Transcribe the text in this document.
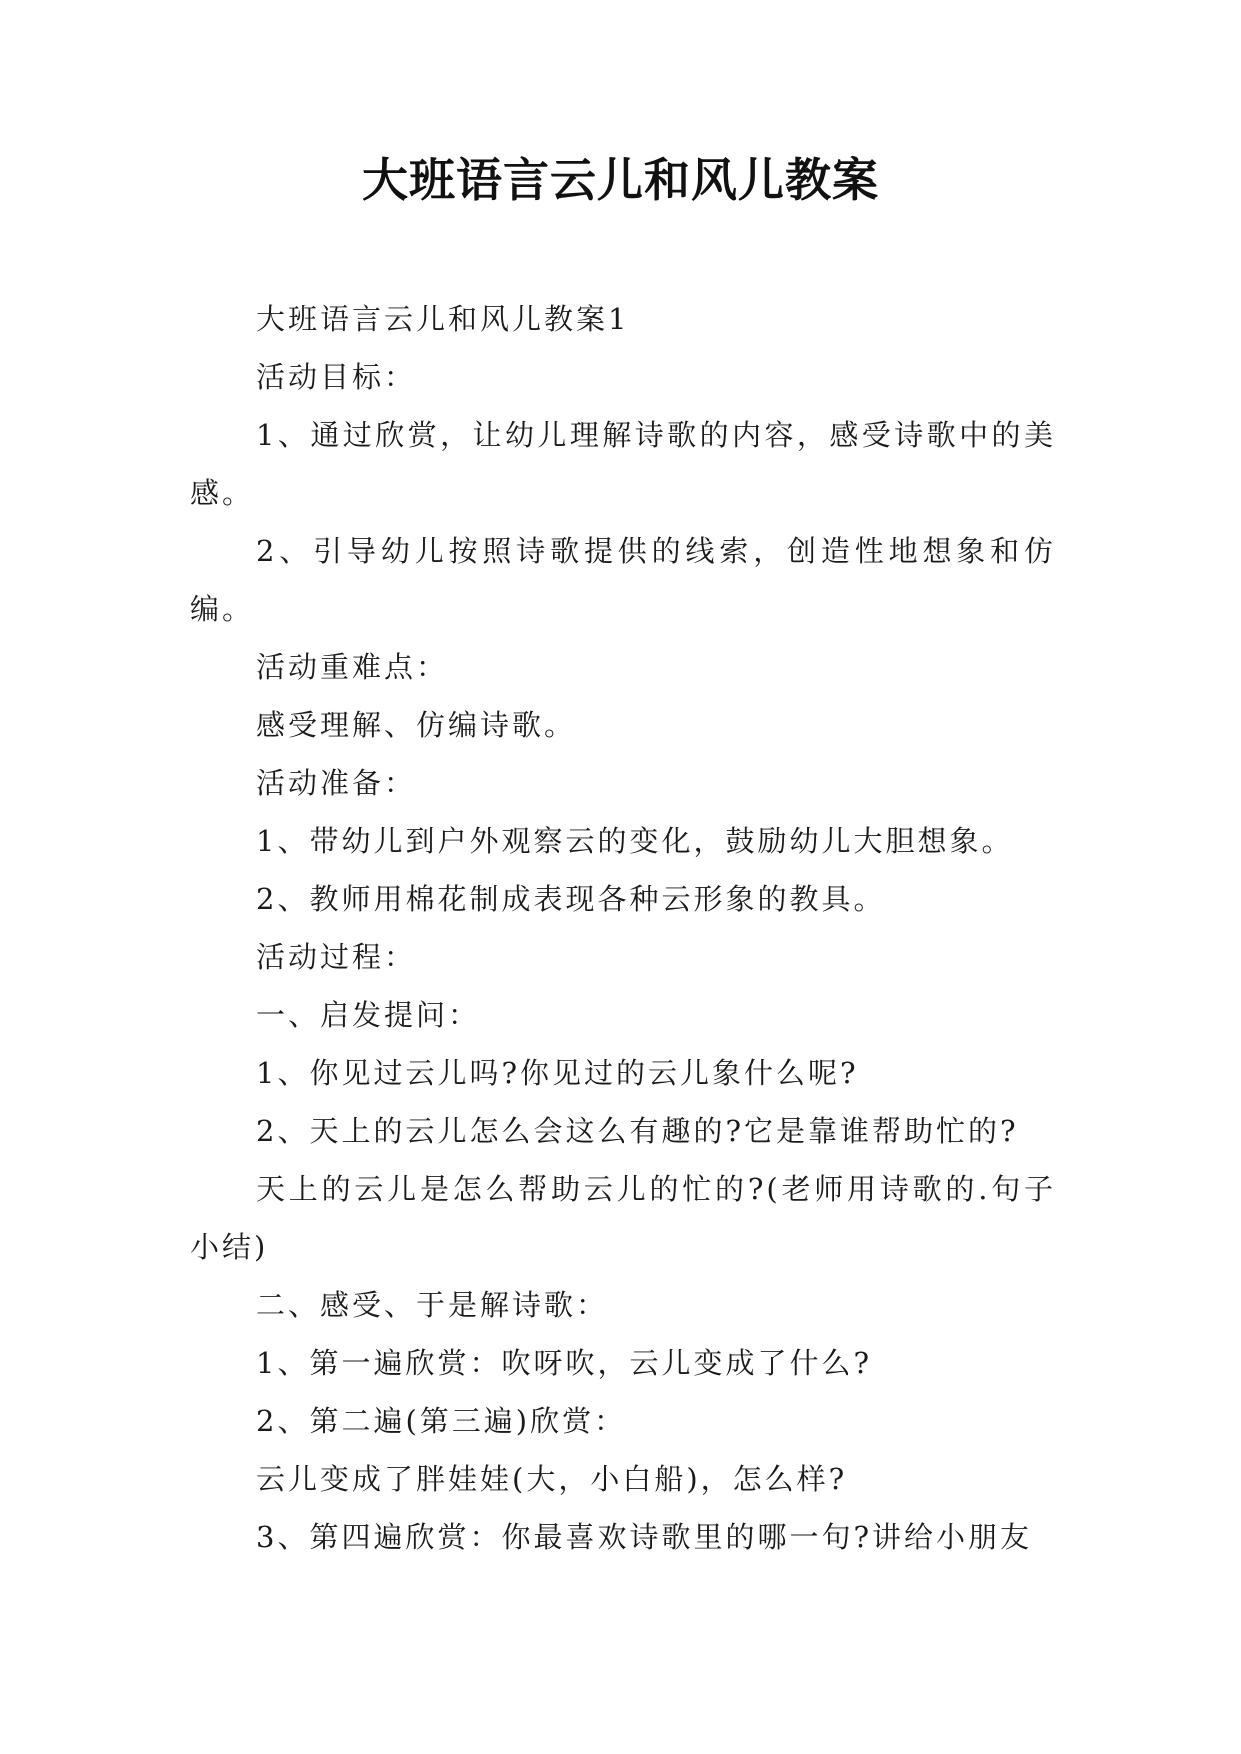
大班语言云儿和风儿教案

大班语言云儿和风儿教案1

活动目标：

1、通过欣赏，让幼儿理解诗歌的内容，感受诗歌中的美感。

2、引导幼儿按照诗歌提供的线索，创造性地想象和仿编。

活动重难点：

感受理解、仿编诗歌。

活动准备：

1、带幼儿到户外观察云的变化，鼓励幼儿大胆想象。

2、教师用棉花制成表现各种云形象的教具。

活动过程：

一、启发提问：

1、你见过云儿吗?你见过的云儿象什么呢?

2、天上的云儿怎么会这么有趣的?它是靠谁帮助忙的?

天上的云儿是怎么帮助云儿的忙的?(老师用诗歌的.句子小结)

二、感受、于是解诗歌：

1、第一遍欣赏：吹呀吹，云儿变成了什么?

2、第二遍(第三遍)欣赏：

云儿变成了胖娃娃(大，小白船)，怎么样?

3、第四遍欣赏：你最喜欢诗歌里的哪一句?讲给小朋友
